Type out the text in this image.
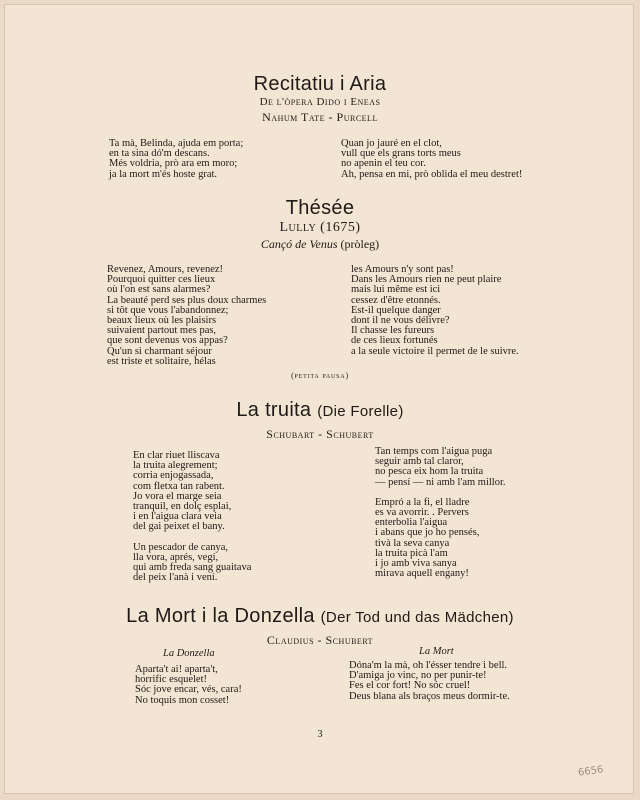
Recitatiu i Aria
De l'òpera Dido i Eneas
Nahum Tate - Purcell
Ta mà, Belinda, ajuda em porta;
en ta sina dó'm descans.
Més voldria, prò ara em moro;
ja la mort m'és hoste grat.
Quan jo jauré en el clot,
vull que els grans torts meus
no apenin el teu cor.
Ah, pensa en mi, prò oblida el meu destret!
Thésée
Lully (1675)
Cançó de Venus (pròleg)
Revenez, Amours, revenez!
Pourquoi quitter ces lieux
où l'on est sans alarmes?
La beauté perd ses plus doux charmes
si tôt que vous l'abandonnez;
beaux lieux où les plaisirs
suivaient partout mes pas,
que sont devenus vos appas?
Qu'un si charmant séjour
est triste et solitaire, hélas
les Amours n'y sont pas!
Dans les Amours rien ne peut plaire
mais lui même est ici
cessez d'être etonnés.
Est-il quelque danger
dont il ne vous délivre?
Il chasse les fureurs
de ces lieux fortunés
a la seule victoire il permet de le suivre.
(petita pausa)
La truita (Die Forelle)
Schubart - Schubert
En clar riuet lliscava
la truita alegrement;
corria enjogassada,
com fletxa tan rabent.
Jo vora el marge seia
tranquil, en dolç esplai,
i en l'aigua clara veia
del gai peixet el bany.
Un pescador de canya,
lla vora, aprés, vegí,
qui amb freda sang guaitava
del peix l'anà i vení.
Tan temps com l'aigua puga
seguir amb tal claror,
no pesca eix hom la truita
— pensí — ni amb l'am millor.
Empró a la fi, el lladre
es va avorrir. . Pervers
enterbolia l'aigua
i abans que jo ho pensés,
tivà la seva canya
la truita picà l'am
i jo amb viva sanya
mirava aquell engany!
La Mort i la Donzella (Der Tod und das Mädchen)
Claudius - Schubert
La Donzella	La Mort
Aparta't ai! aparta't,
horrific esquelet!
Sóc jove encar, vés, cara!
No toquis mon cosset!
Dóna'm la mà, oh l'ésser tendre i bell.
D'amiga jo vinc, no per punir-te!
Fes el cor fort! No sóc cruel!
Deus blana als braços meus dormir-te.
3
6656
